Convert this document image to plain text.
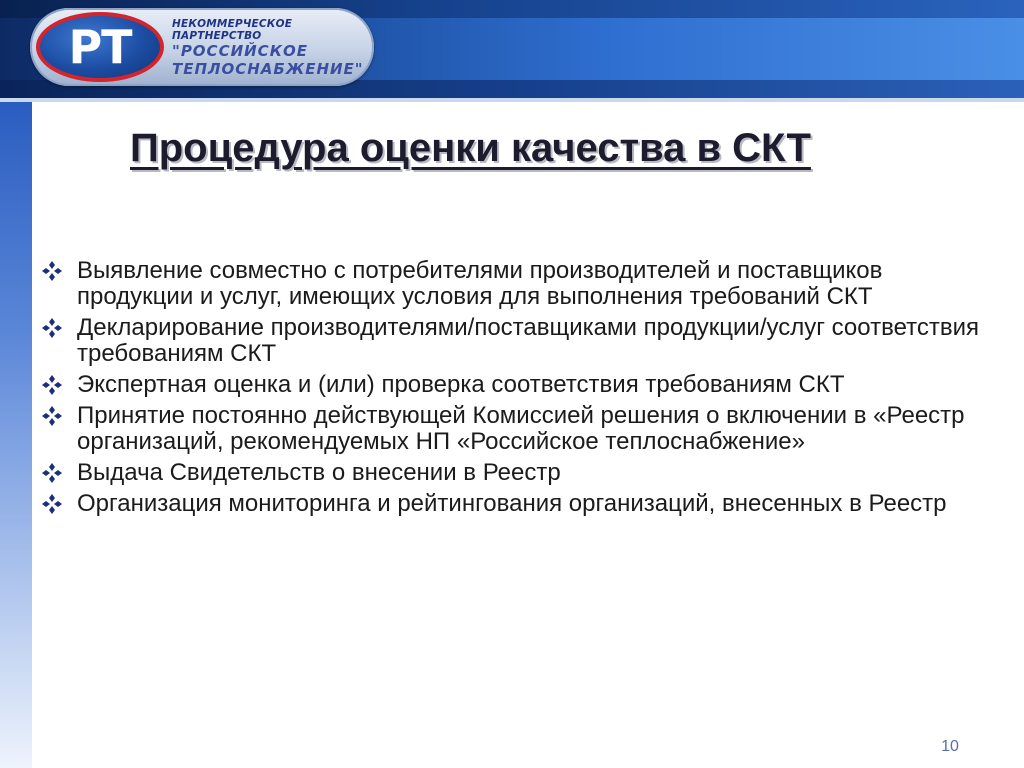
PT	НЕКОММЕРЧЕСКОЕ ПАРТНЕРСТВО
"РОССИЙСКОЕ
ТЕПЛОСНАБЖЕНИЕ"
Процедура оценки качества в СКТ
Выявление совместно с потребителями производителей и поставщиков продукции и услуг, имеющих условия для выполнения требований СКТ
Декларирование производителями/поставщиками продукции/услуг соответствия требованиям СКТ
Экспертная оценка и (или) проверка соответствия требованиям СКТ
Принятие постоянно действующей Комиссией решения о включении в «Реестр организаций, рекомендуемых НП «Российское теплоснабжение»
Выдача Свидетельств о внесении в Реестр
Организация мониторинга и рейтингования организаций, внесенных в Реестр
10
